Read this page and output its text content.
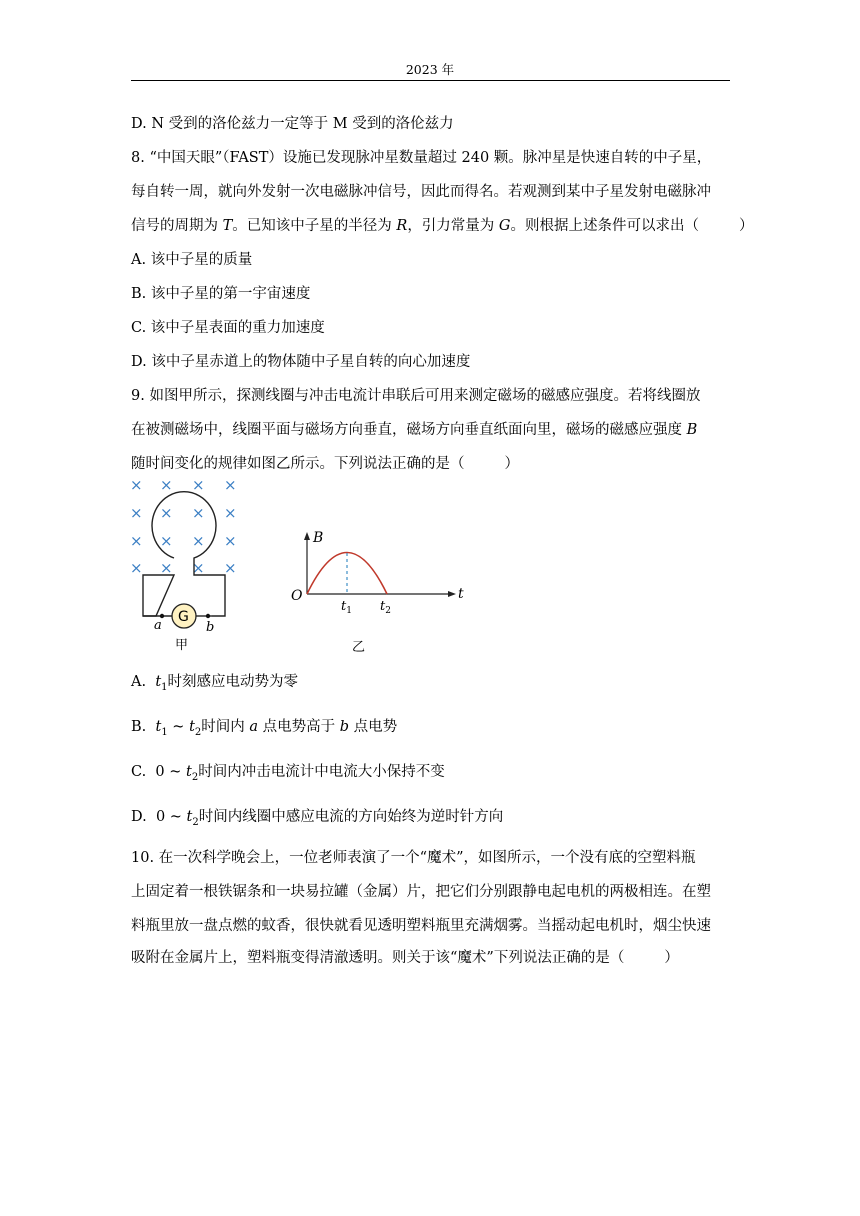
2023 年
D. N 受到的洛伦兹力一定等于 M 受到的洛伦兹力
8. “中国天眼”（FAST）设施已发现脉冲星数量超过 240 颗。脉冲星是快速自转的中子星，
每自转一周，就向外发射一次电磁脉冲信号，因此而得名。若观测到某中子星发射电磁脉冲
信号的周期为 T。已知该中子星的半径为 R，引力常量为 G。则根据上述条件可以求出（	）
A. 该中子星的质量
B. 该中子星的第一宇宙速度
C. 该中子星表面的重力加速度
D. 该中子星赤道上的物体随中子星自转的向心加速度
9. 如图甲所示，探测线圈与冲击电流计串联后可用来测定磁场的磁感应强度。若将线圈放
在被测磁场中，线圈平面与磁场方向垂直，磁场方向垂直纸面向里，磁场的磁感应强度 B
随时间变化的规律如图乙所示。下列说法正确的是（	）
× × × ×
× × × ×
× × × ×
× × × ×
G
a	b
B
O	t
$t_1$ $t_2$
甲	乙
A. $t_1$时刻感应电动势为零
B. $t_1$ ~ $t_2$时间内 a 点电势高于 b 点电势
C. 0 ~ $t_2$时间内冲击电流计中电流大小保持不变
D. 0 ~ $t_2$时间内线圈中感应电流的方向始终为逆时针方向
10. 在一次科学晚会上，一位老师表演了一个“魔术”，如图所示，一个没有底的空塑料瓶
上固定着一根铁锯条和一块易拉罐（金属）片，把它们分别跟静电起电机的两极相连。在塑
料瓶里放一盘点燃的蚊香，很快就看见透明塑料瓶里充满烟雾。当摇动起电机时，烟尘快速
吸附在金属片上，塑料瓶变得清澈透明。则关于该“魔术”下列说法正确的是（	）
